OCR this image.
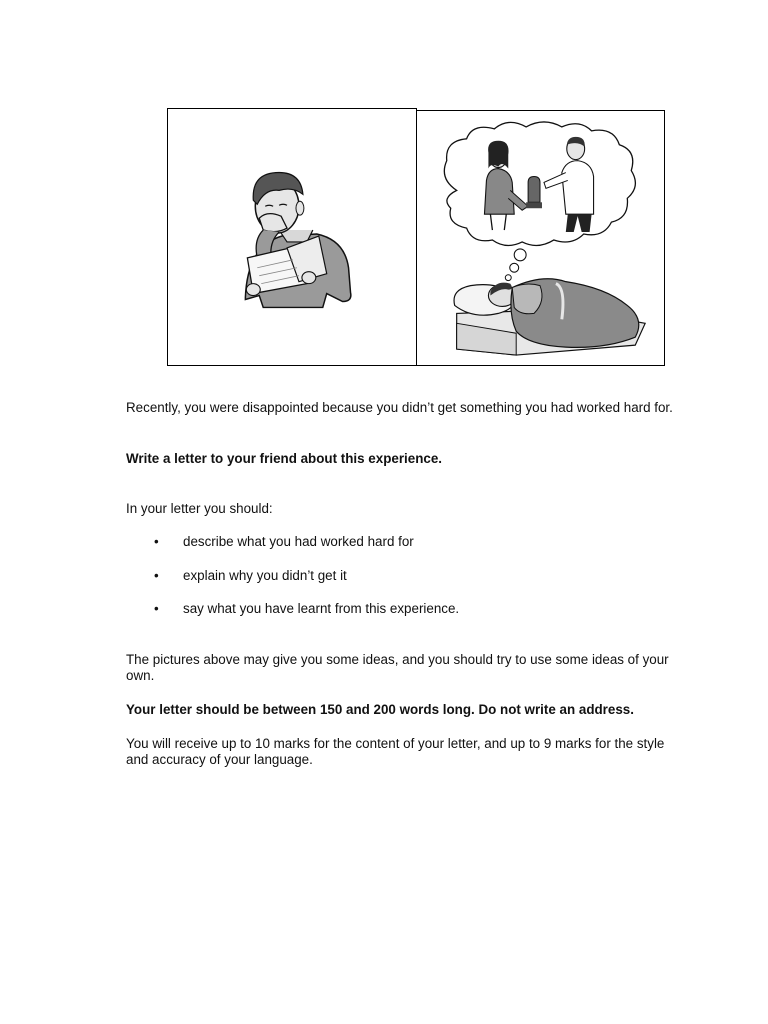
Recently, you were disappointed because you didn’t get something you had worked hard for.

Write a letter to your friend about this experience.

In your letter you should:

• describe what you had worked hard for
• explain why you didn’t get it
• say what you have learnt from this experience.

The pictures above may give you some ideas, and you should try to use some ideas of your own.

Your letter should be between 150 and 200 words long. Do not write an address.

You will receive up to 10 marks for the content of your letter, and up to 9 marks for the style and accuracy of your language.
